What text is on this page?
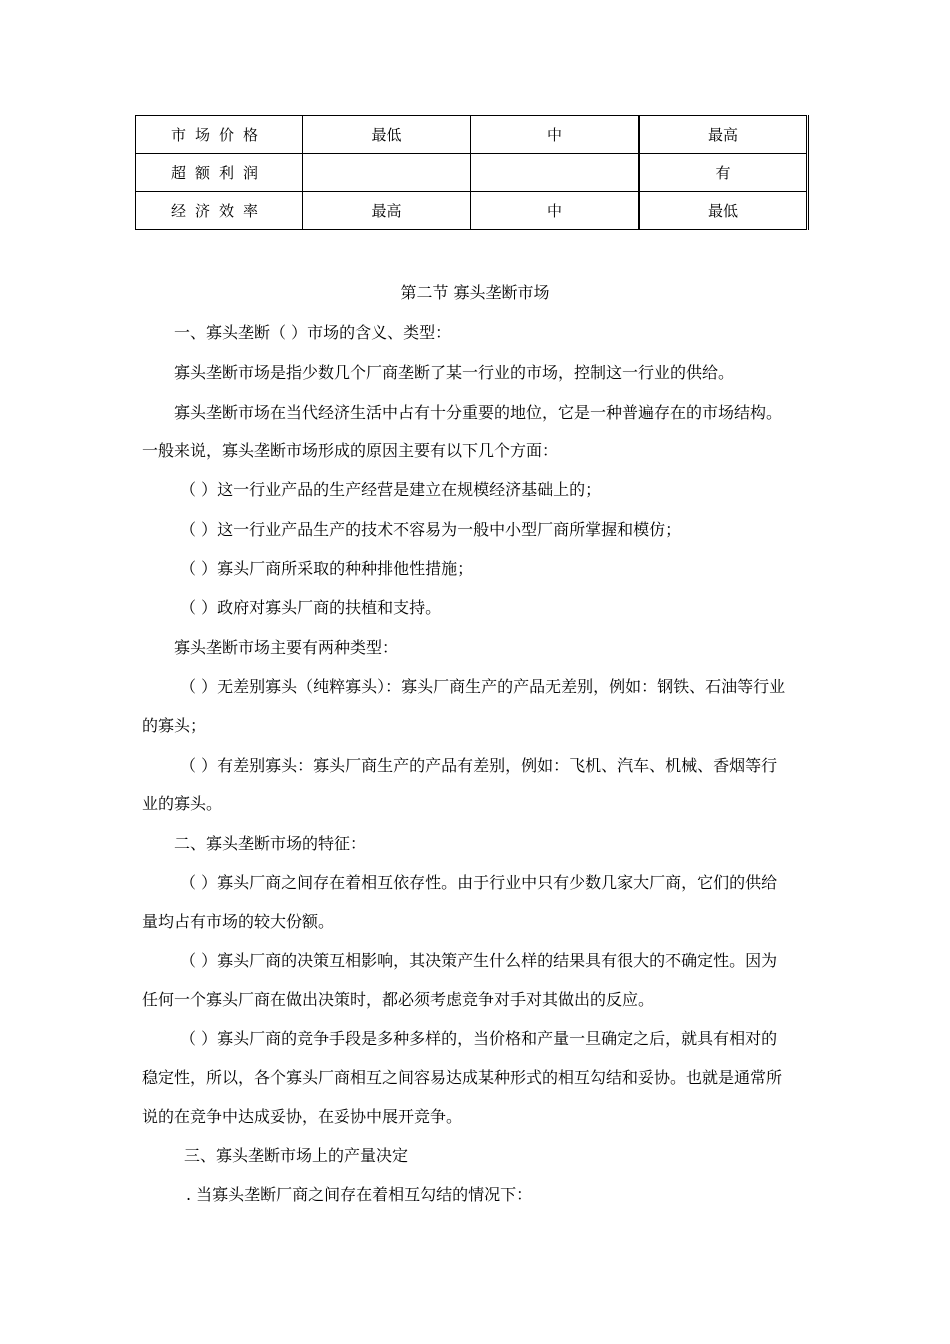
市场价格	最低	中	最高
超额利润			有
经济效率	最高	中	最低
第二节 寡头垄断市场
一、寡头垄断（ ）市场的含义、类型：
寡头垄断市场是指少数几个厂商垄断了某一行业的市场，控制这一行业的供给。
寡头垄断市场在当代经济生活中占有十分重要的地位，它是一种普遍存在的市场结构。
一般来说，寡头垄断市场形成的原因主要有以下几个方面：
（ ）这一行业产品的生产经营是建立在规模经济基础上的；
（ ）这一行业产品生产的技术不容易为一般中小型厂商所掌握和模仿；
（ ）寡头厂商所采取的种种排他性措施；
（ ）政府对寡头厂商的扶植和支持。
寡头垄断市场主要有两种类型：
（ ）无差别寡头（纯粹寡头）：寡头厂商生产的产品无差别，例如：钢铁、石油等行业
的寡头；
（ ）有差别寡头：寡头厂商生产的产品有差别，例如：飞机、汽车、机械、香烟等行
业的寡头。
二、寡头垄断市场的特征：
（ ）寡头厂商之间存在着相互依存性。由于行业中只有少数几家大厂商，它们的供给
量均占有市场的较大份额。
（ ）寡头厂商的决策互相影响，其决策产生什么样的结果具有很大的不确定性。因为
任何一个寡头厂商在做出决策时，都必须考虑竞争对手对其做出的反应。
（ ）寡头厂商的竞争手段是多种多样的，当价格和产量一旦确定之后，就具有相对的
稳定性，所以，各个寡头厂商相互之间容易达成某种形式的相互勾结和妥协。也就是通常所
说的在竞争中达成妥协，在妥协中展开竞争。
三、寡头垄断市场上的产量决定
. 当寡头垄断厂商之间存在着相互勾结的情况下：
